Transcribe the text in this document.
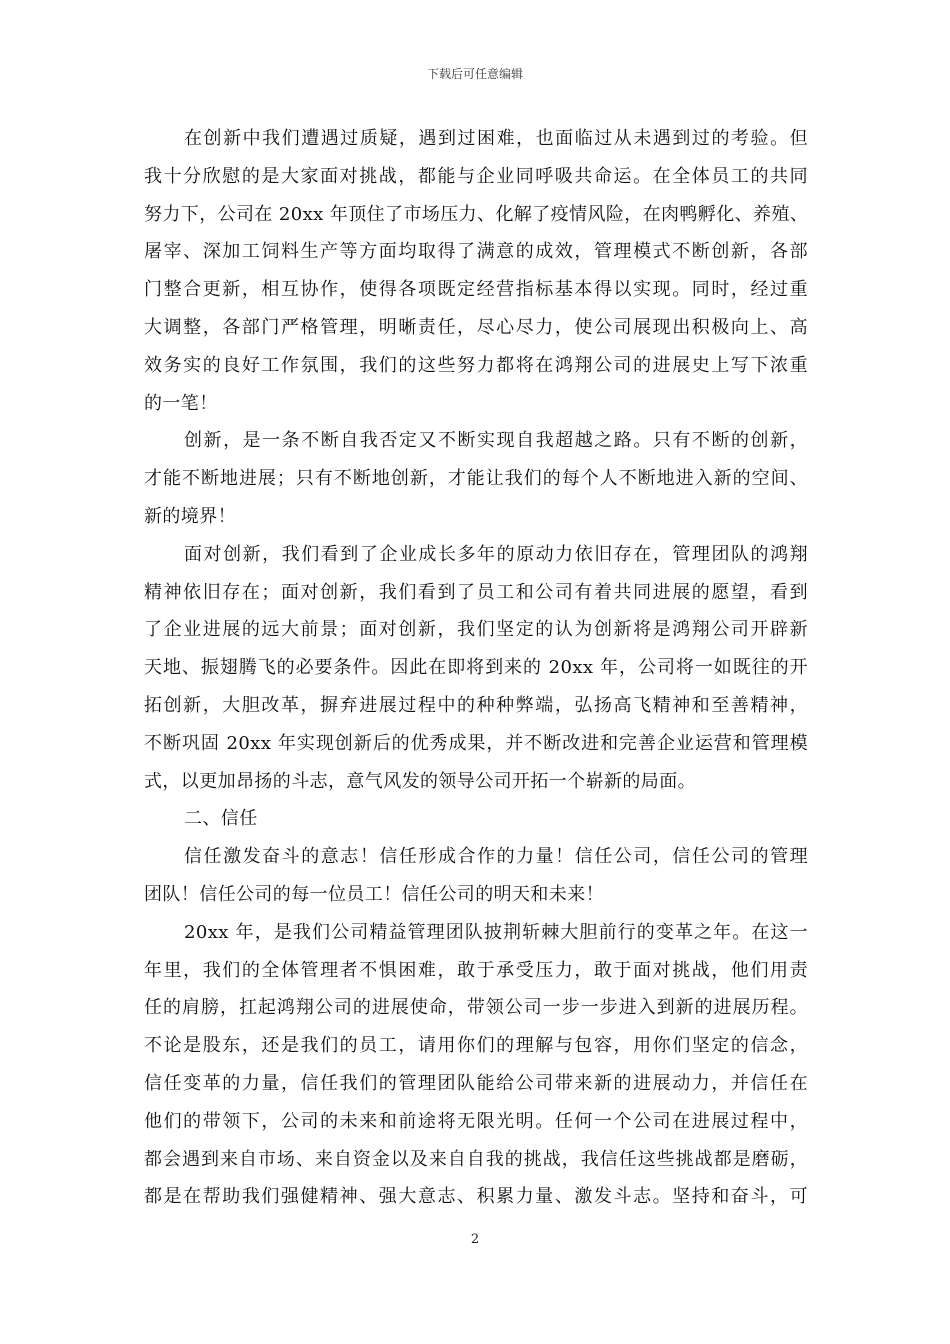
下载后可任意编辑
在创新中我们遭遇过质疑，遇到过困难，也面临过从未遇到过的考验。但
我十分欣慰的是大家面对挑战，都能与企业同呼吸共命运。在全体员工的共同
努力下，公司在 20xx 年顶住了市场压力、化解了疫情风险，在肉鸭孵化、养殖、
屠宰、深加工饲料生产等方面均取得了满意的成效，管理模式不断创新，各部
门整合更新，相互协作，使得各项既定经营指标基本得以实现。同时，经过重
大调整，各部门严格管理，明晰责任，尽心尽力，使公司展现出积极向上、高
效务实的良好工作氛围，我们的这些努力都将在鸿翔公司的进展史上写下浓重
的一笔！
创新，是一条不断自我否定又不断实现自我超越之路。只有不断的创新，
才能不断地进展；只有不断地创新，才能让我们的每个人不断地进入新的空间、
新的境界！
面对创新，我们看到了企业成长多年的原动力依旧存在，管理团队的鸿翔
精神依旧存在；面对创新，我们看到了员工和公司有着共同进展的愿望，看到
了企业进展的远大前景；面对创新，我们坚定的认为创新将是鸿翔公司开辟新
天地、振翅腾飞的必要条件。因此在即将到来的 20xx 年，公司将一如既往的开
拓创新，大胆改革，摒弃进展过程中的种种弊端，弘扬高飞精神和至善精神，
不断巩固 20xx 年实现创新后的优秀成果，并不断改进和完善企业运营和管理模
式，以更加昂扬的斗志，意气风发的领导公司开拓一个崭新的局面。
二、信任
信任激发奋斗的意志！信任形成合作的力量！信任公司，信任公司的管理
团队！信任公司的每一位员工！信任公司的明天和未来！
20xx 年，是我们公司精益管理团队披荆斩棘大胆前行的变革之年。在这一
年里，我们的全体管理者不惧困难，敢于承受压力，敢于面对挑战，他们用责
任的肩膀，扛起鸿翔公司的进展使命，带领公司一步一步进入到新的进展历程。
不论是股东，还是我们的员工，请用你们的理解与包容，用你们坚定的信念，
信任变革的力量，信任我们的管理团队能给公司带来新的进展动力，并信任在
他们的带领下，公司的未来和前途将无限光明。任何一个公司在进展过程中，
都会遇到来自市场、来自资金以及来自自我的挑战，我信任这些挑战都是磨砺，
都是在帮助我们强健精神、强大意志、积累力量、激发斗志。坚持和奋斗，可
2
